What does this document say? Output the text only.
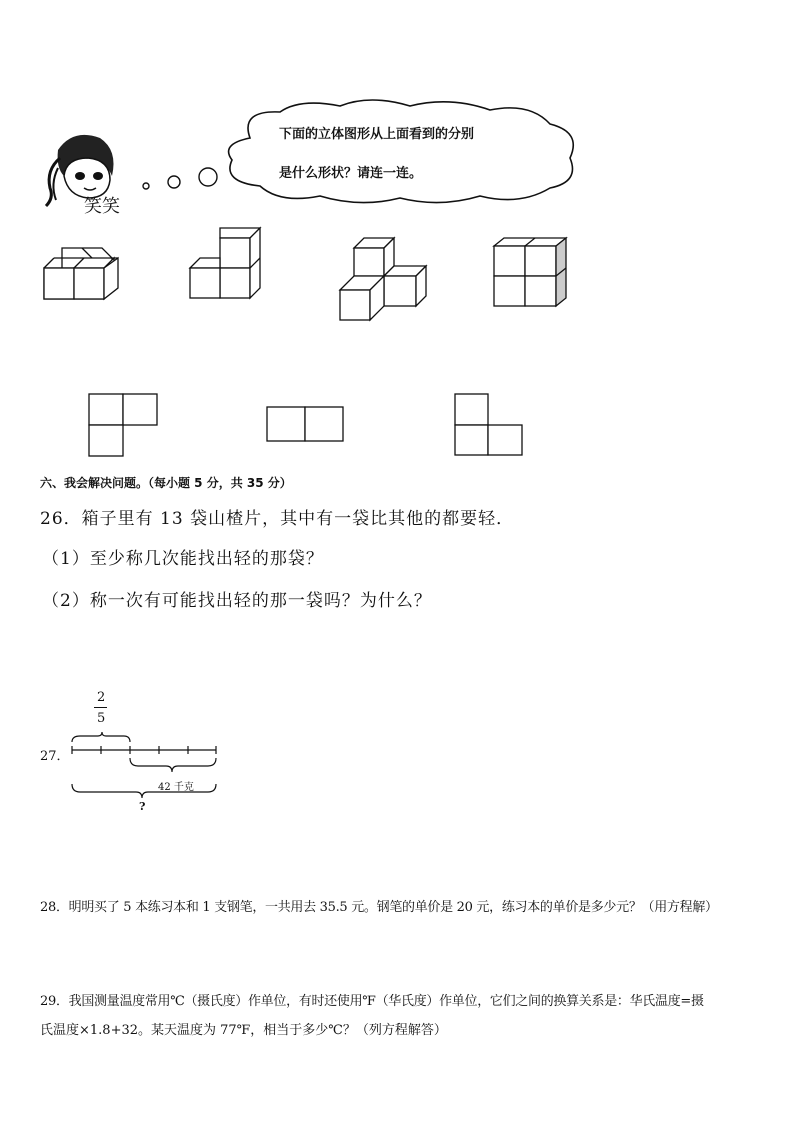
笑笑
下面的立体图形从上面看到的分别
是什么形状？请连一连。
六、我会解决问题。（每小题 5 分，共 35 分）
26．箱子里有 13 袋山楂片，其中有一袋比其他的都要轻．
（1）至少称几次能找出轻的那袋？
（2）称一次有可能找出轻的那一袋吗？为什么？
27．
2
5
42 千克
?
28．明明买了 5 本练习本和 1 支钢笔，一共用去 35.5 元。钢笔的单价是 20 元，练习本的单价是多少元？（用方程解）
29．我国测量温度常用℃（摄氏度）作单位，有时还使用℉（华氏度）作单位，它们之间的换算关系是：华氏温度=摄
氏温度×1.8+32。某天温度为 77℉，相当于多少℃？（列方程解答）
